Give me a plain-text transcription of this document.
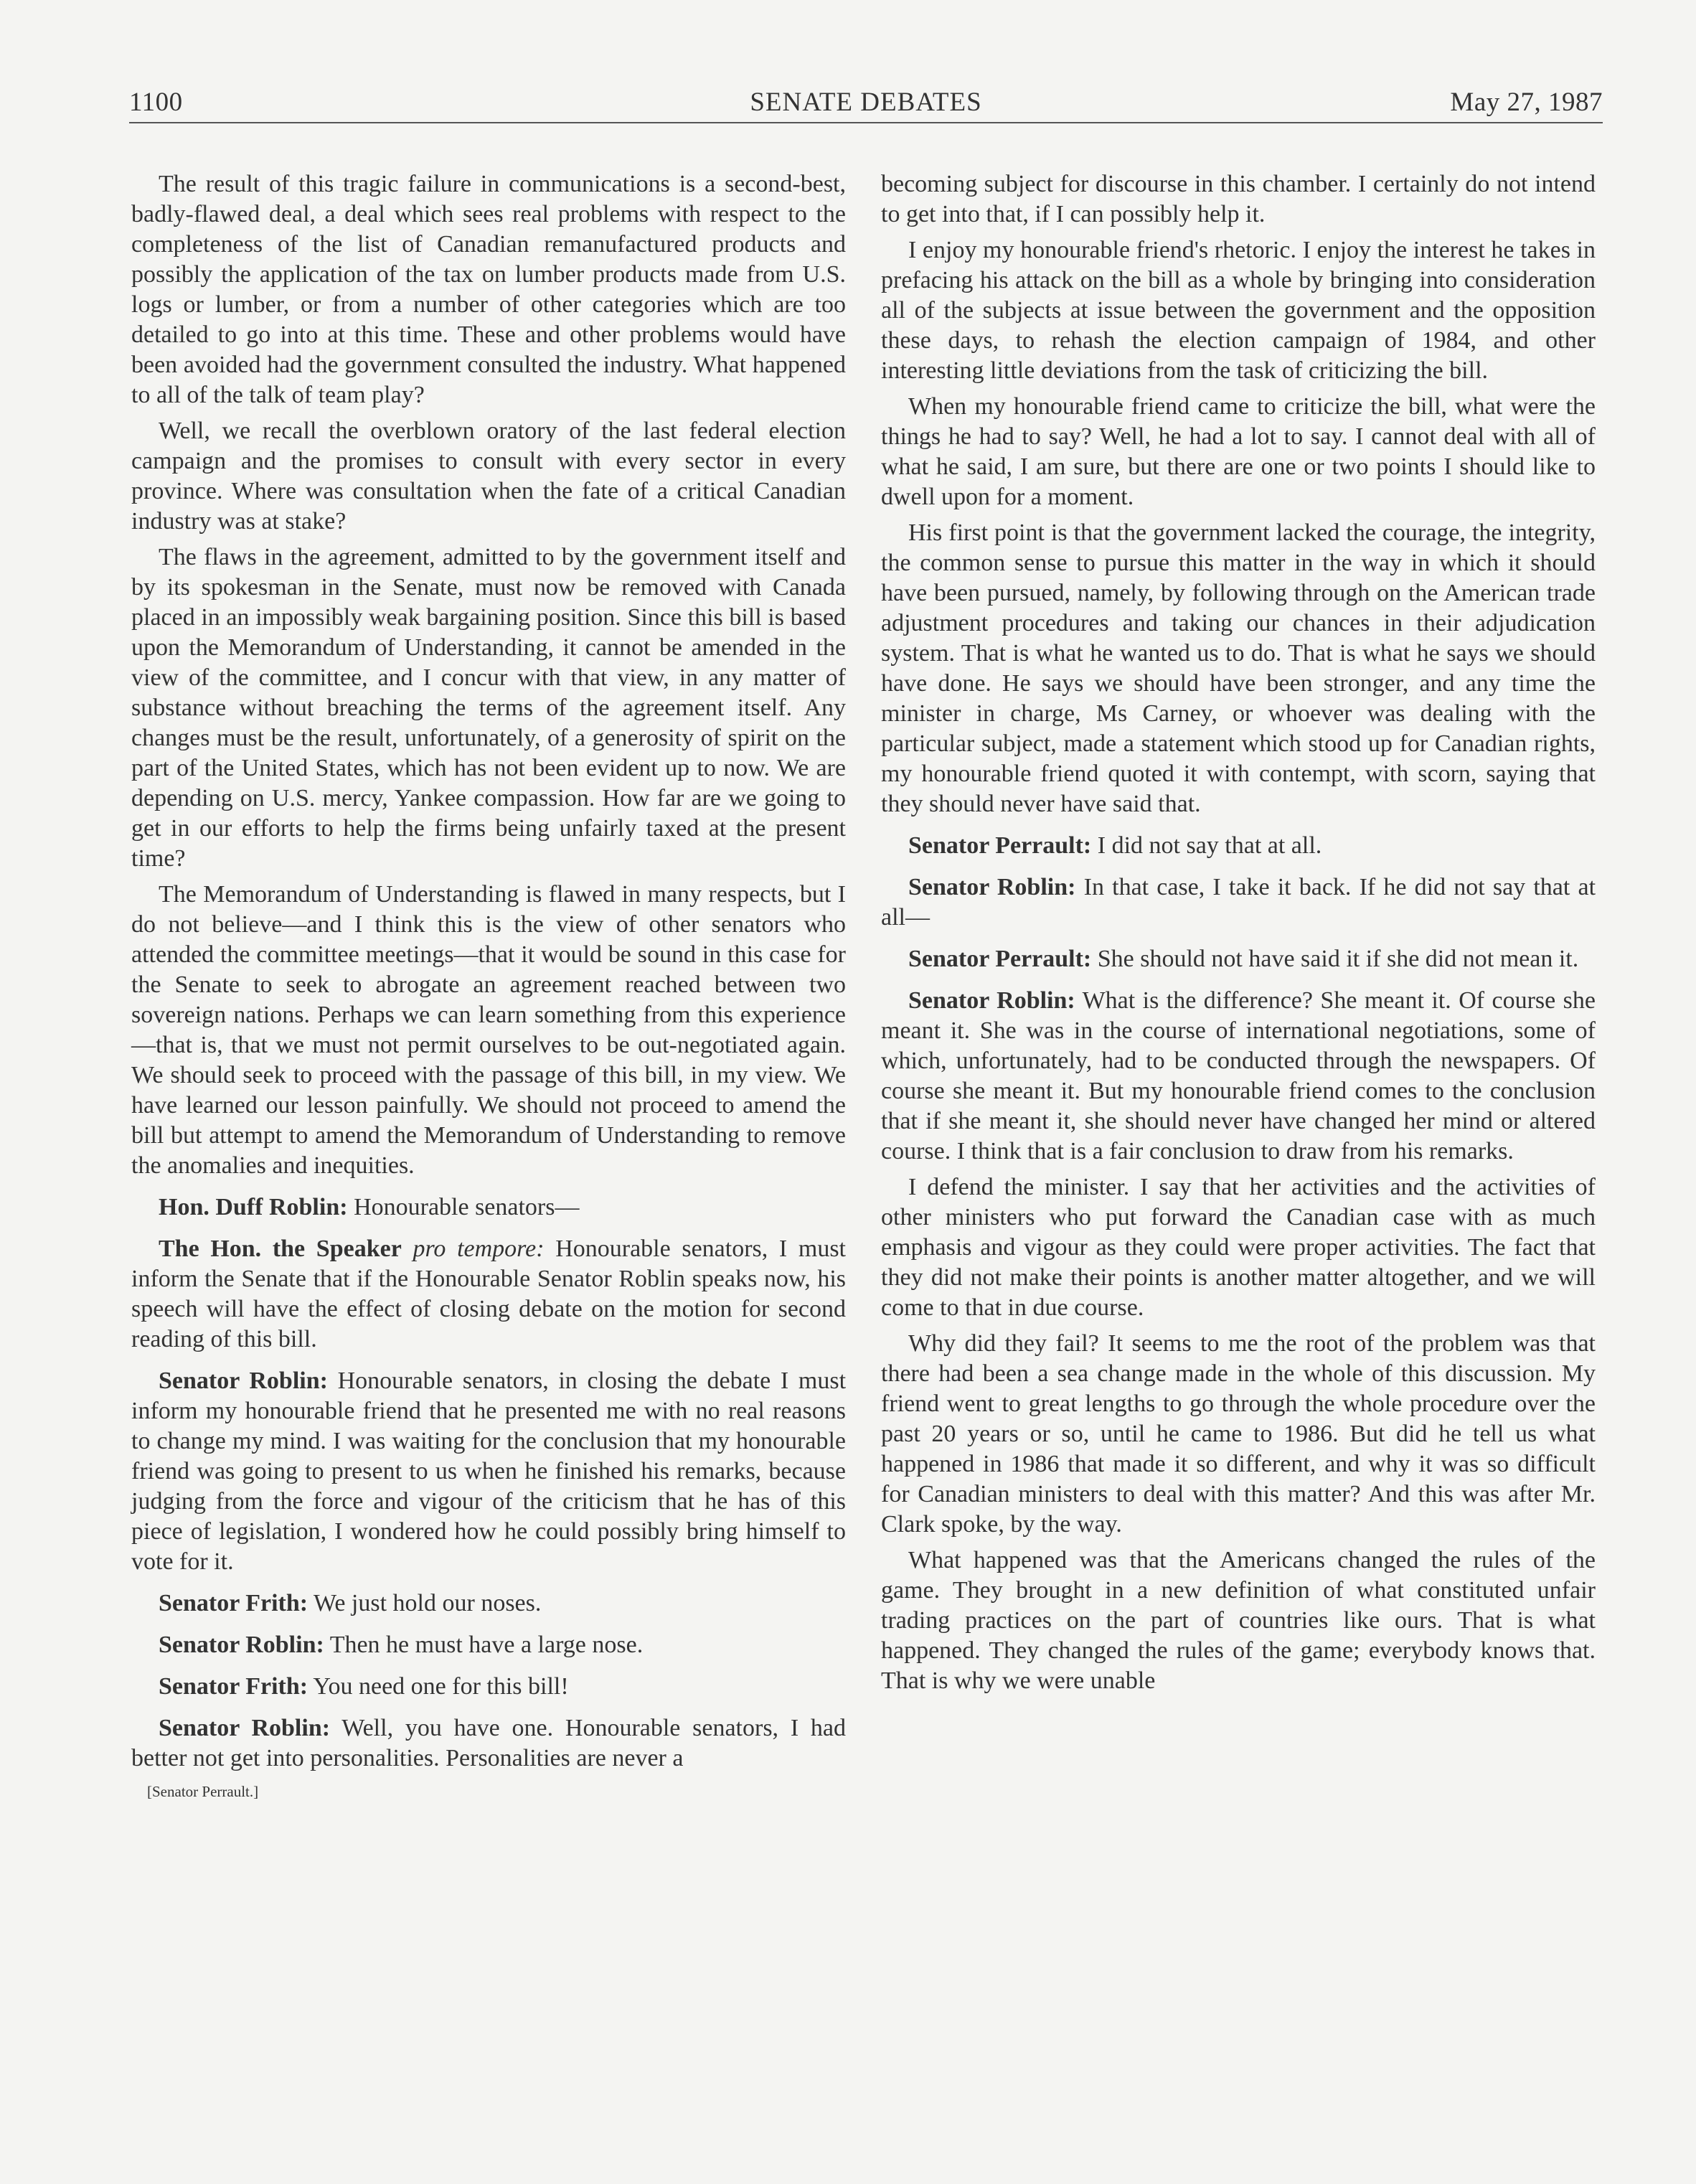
1100	SENATE DEBATES	May 27, 1987

The result of this tragic failure in communications is a second-best, badly-flawed deal, a deal which sees real problems with respect to the completeness of the list of Canadian remanufactured products and possibly the application of the tax on lumber products made from U.S. logs or lumber, or from a number of other categories which are too detailed to go into at this time. These and other problems would have been avoided had the government consulted the industry. What happened to all of the talk of team play?

Well, we recall the overblown oratory of the last federal election campaign and the promises to consult with every sector in every province. Where was consultation when the fate of a critical Canadian industry was at stake?

The flaws in the agreement, admitted to by the government itself and by its spokesman in the Senate, must now be removed with Canada placed in an impossibly weak bargaining position. Since this bill is based upon the Memorandum of Understanding, it cannot be amended in the view of the committee, and I concur with that view, in any matter of substance without breaching the terms of the agreement itself. Any changes must be the result, unfortunately, of a generosity of spirit on the part of the United States, which has not been evident up to now. We are depending on U.S. mercy, Yankee compassion. How far are we going to get in our efforts to help the firms being unfairly taxed at the present time?

The Memorandum of Understanding is flawed in many respects, but I do not believe—and I think this is the view of other senators who attended the committee meetings—that it would be sound in this case for the Senate to seek to abrogate an agreement reached between two sovereign nations. Perhaps we can learn something from this experience—that is, that we must not permit ourselves to be out-negotiated again. We should seek to proceed with the passage of this bill, in my view. We have learned our lesson painfully. We should not proceed to amend the bill but attempt to amend the Memorandum of Understanding to remove the anomalies and inequities.

Hon. Duff Roblin: Honourable senators—

The Hon. the Speaker pro tempore: Honourable senators, I must inform the Senate that if the Honourable Senator Roblin speaks now, his speech will have the effect of closing debate on the motion for second reading of this bill.

Senator Roblin: Honourable senators, in closing the debate I must inform my honourable friend that he presented me with no real reasons to change my mind. I was waiting for the conclusion that my honourable friend was going to present to us when he finished his remarks, because judging from the force and vigour of the criticism that he has of this piece of legislation, I wondered how he could possibly bring himself to vote for it.

Senator Frith: We just hold our noses.

Senator Roblin: Then he must have a large nose.

Senator Frith: You need one for this bill!

Senator Roblin: Well, you have one. Honourable senators, I had better not get into personalities. Personalities are never a

[Senator Perrault.]

becoming subject for discourse in this chamber. I certainly do not intend to get into that, if I can possibly help it.

I enjoy my honourable friend's rhetoric. I enjoy the interest he takes in prefacing his attack on the bill as a whole by bringing into consideration all of the subjects at issue between the government and the opposition these days, to rehash the election campaign of 1984, and other interesting little deviations from the task of criticizing the bill.

When my honourable friend came to criticize the bill, what were the things he had to say? Well, he had a lot to say. I cannot deal with all of what he said, I am sure, but there are one or two points I should like to dwell upon for a moment.

His first point is that the government lacked the courage, the integrity, the common sense to pursue this matter in the way in which it should have been pursued, namely, by following through on the American trade adjustment procedures and taking our chances in their adjudication system. That is what he wanted us to do. That is what he says we should have done. He says we should have been stronger, and any time the minister in charge, Ms Carney, or whoever was dealing with the particular subject, made a statement which stood up for Canadian rights, my honourable friend quoted it with contempt, with scorn, saying that they should never have said that.

Senator Perrault: I did not say that at all.

Senator Roblin: In that case, I take it back. If he did not say that at all—

Senator Perrault: She should not have said it if she did not mean it.

Senator Roblin: What is the difference? She meant it. Of course she meant it. She was in the course of international negotiations, some of which, unfortunately, had to be conducted through the newspapers. Of course she meant it. But my honourable friend comes to the conclusion that if she meant it, she should never have changed her mind or altered course. I think that is a fair conclusion to draw from his remarks.

I defend the minister. I say that her activities and the activities of other ministers who put forward the Canadian case with as much emphasis and vigour as they could were proper activities. The fact that they did not make their points is another matter altogether, and we will come to that in due course.

Why did they fail? It seems to me the root of the problem was that there had been a sea change made in the whole of this discussion. My friend went to great lengths to go through the whole procedure over the past 20 years or so, until he came to 1986. But did he tell us what happened in 1986 that made it so different, and why it was so difficult for Canadian ministers to deal with this matter? And this was after Mr. Clark spoke, by the way.

What happened was that the Americans changed the rules of the game. They brought in a new definition of what constituted unfair trading practices on the part of countries like ours. That is what happened. They changed the rules of the game; everybody knows that. That is why we were unable
